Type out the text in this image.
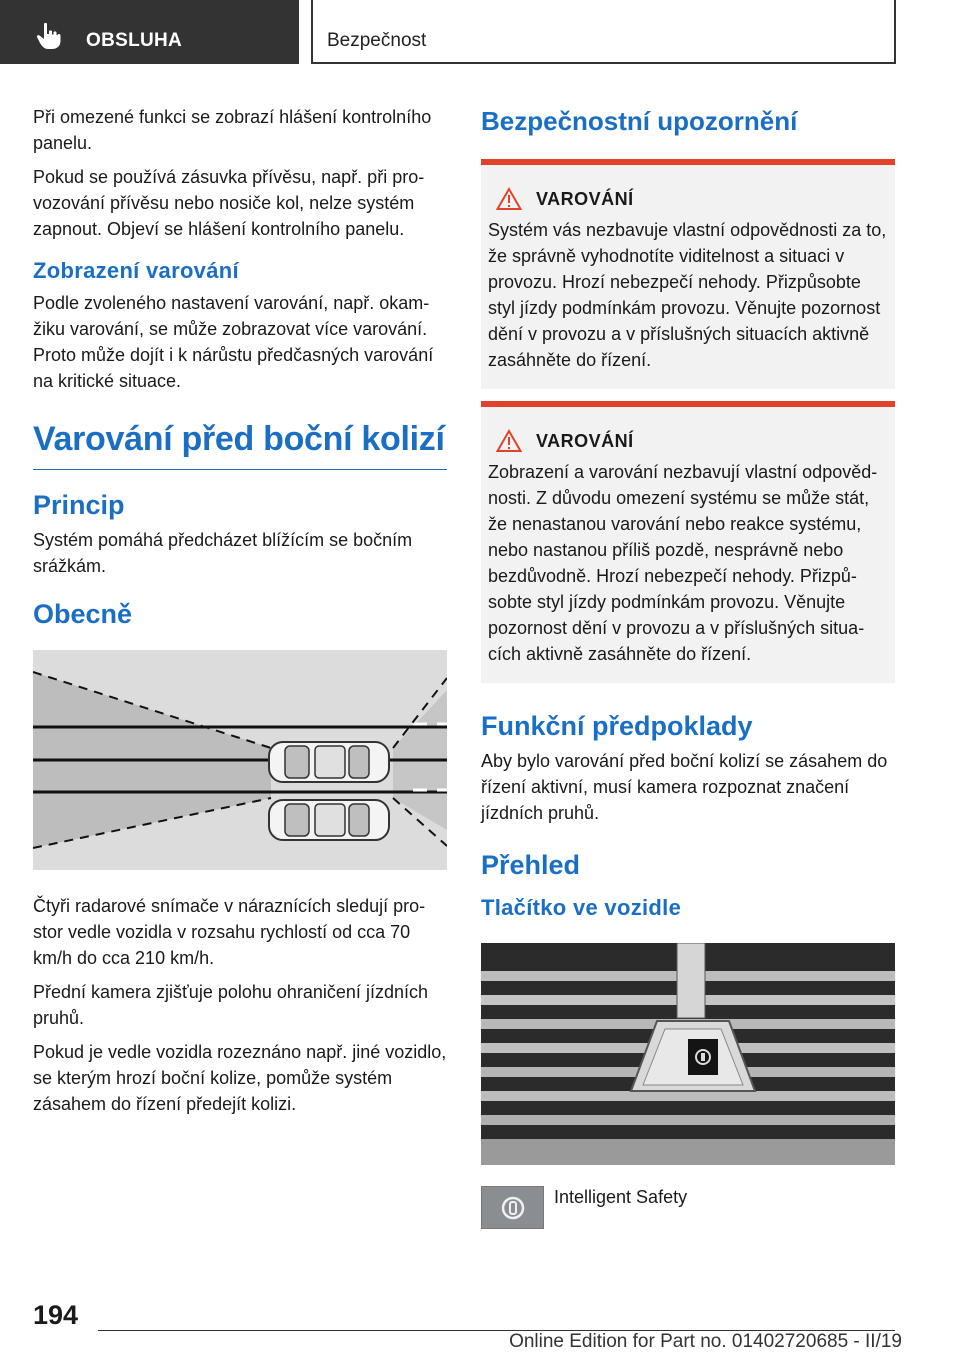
OBSLUHA	Bezpečnost

Při omezené funkci se zobrazí hlášení kontrolního panelu.

Pokud se používá zásuvka přívěsu, např. při provozování přívěsu nebo nosiče kol, nelze systém zapnout. Objeví se hlášení kontrolního panelu.

Zobrazení varování

Podle zvoleného nastavení varování, např. okamžiku varování, se může zobrazovat více varování. Proto může dojít i k nárůstu předčasných varování na kritické situace.

Varování před boční kolizí
Princip

Systém pomáhá předcházet blížícím se bočním srážkám.

Obecně

Čtyři radarové snímače v náraznících sledují prostor vedle vozidla v rozsahu rychlostí od cca 70 km/h do cca 210 km/h.

Přední kamera zjišťuje polohu ohraničení jízdních pruhů.

Pokud je vedle vozidla rozeznáno např. jiné vozidlo, se kterým hrozí boční kolize, pomůže systém zásahem do řízení předejít kolizi.

Bezpečnostní upozornění
VAROVÁNÍ

Systém vás nezbavuje vlastní odpovědnosti za to, že správně vyhodnotíte viditelnost a situaci v provozu. Hrozí nebezpečí nehody. Přizpůsobte styl jízdy podmínkám provozu. Věnujte pozornost dění v provozu a v příslušných situacích aktivně zasáhněte do řízení.

VAROVÁNÍ

Zobrazení a varování nezbavují vlastní odpovědnosti. Z důvodu omezení systému se může stát, že nenastanou varování nebo reakce systému, nebo nastanou příliš pozdě, nesprávně nebo bezdůvodně. Hrozí nebezpečí nehody. Přizpůsobte styl jízdy podmínkám provozu. Věnujte pozornost dění v provozu a v příslušných situacích aktivně zasáhněte do řízení.

Funkční předpoklady

Aby bylo varování před boční kolizí se zásahem do řízení aktivní, musí kamera rozpoznat značení jízdních pruhů.

Přehled
Tlačítko ve vozidle
Intelligent Safety
194
Online Edition for Part no. 01402720685 - II/19
